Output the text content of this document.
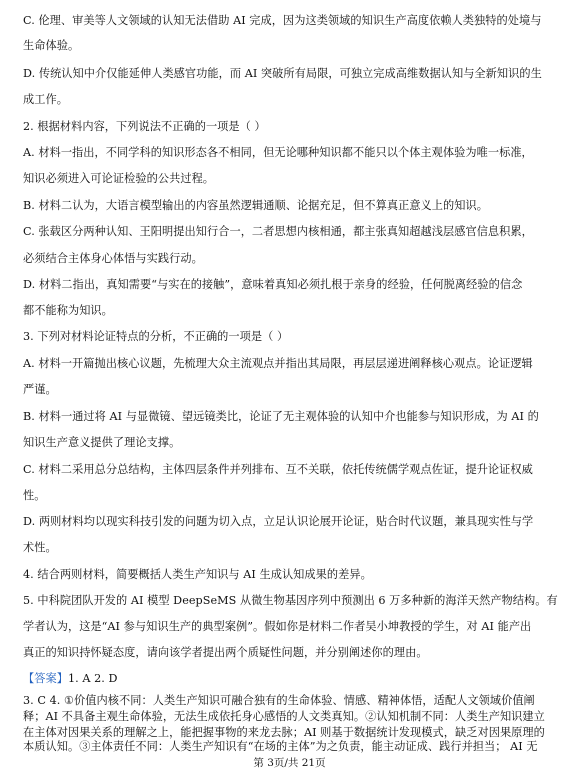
C. 伦理、审美等人文领域的认知无法借助 AI 完成，因为这类领域的知识生产高度依赖人类独特的处境与
生命体验。
D. 传统认知中介仅能延伸人类感官功能，而 AI 突破所有局限，可独立完成高维数据认知与全新知识的生
成工作。
2. 根据材料内容，下列说法不正确的一项是（ ）
A. 材料一指出，不同学科的知识形态各不相同，但无论哪种知识都不能只以个体主观体验为唯一标准，
知识必须进入可论证检验的公共过程。
B. 材料二认为，大语言模型输出的内容虽然逻辑通顺、论据充足，但不算真正意义上的知识。
C. 张载区分两种认知、王阳明提出知行合一，二者思想内核相通，都主张真知超越浅层感官信息积累，
必须结合主体身心体悟与实践行动。
D. 材料二指出，真知需要“与实在的接触”，意味着真知必须扎根于亲身的经验，任何脱离经验的信念
都不能称为知识。
3. 下列对材料论证特点的分析，不正确的一项是（ ）
A. 材料一开篇抛出核心议题，先梳理大众主流观点并指出其局限，再层层递进阐释核心观点。论证逻辑
严谨。
B. 材料一通过将 AI 与显微镜、望远镜类比，论证了无主观体验的认知中介也能参与知识形成，为 AI 的
知识生产意义提供了理论支撑。
C. 材料二采用总分总结构，主体四层条件并列排布、互不关联，依托传统儒学观点佐证，提升论证权威
性。
D. 两则材料均以现实科技引发的问题为切入点，立足认识论展开论证，贴合时代议题，兼具现实性与学
术性。
4. 结合两则材料，简要概括人类生产知识与 AI 生成认知成果的差异。
5. 中科院团队开发的 AI 模型 DeepSeMS 从微生物基因序列中预测出 6 万多种新的海洋天然产物结构。有
学者认为，这是“AI 参与知识生产的典型案例”。假如你是材料二作者吴小坤教授的学生，对 AI 能产出
真正的知识持怀疑态度，请向该学者提出两个质疑性问题，并分别阐述你的理由。
【答案】1. A 2. D
3. C 4. ①价值内核不同：人类生产知识可融合独有的生命体验、情感、精神体悟，适配人文领域价值阐
释；AI 不具备主观生命体验，无法生成依托身心感悟的人文类真知。②认知机制不同：人类生产知识建立
在主体对因果关系的理解之上，能把握事物的来龙去脉；AI 则基于数据统计发现模式，缺乏对因果原理的
第 3页/共 21页
本质认知。③主体责任不同：人类生产知识有“在场的主体”为之负责，能主动证成、践行并担当； AI 无
